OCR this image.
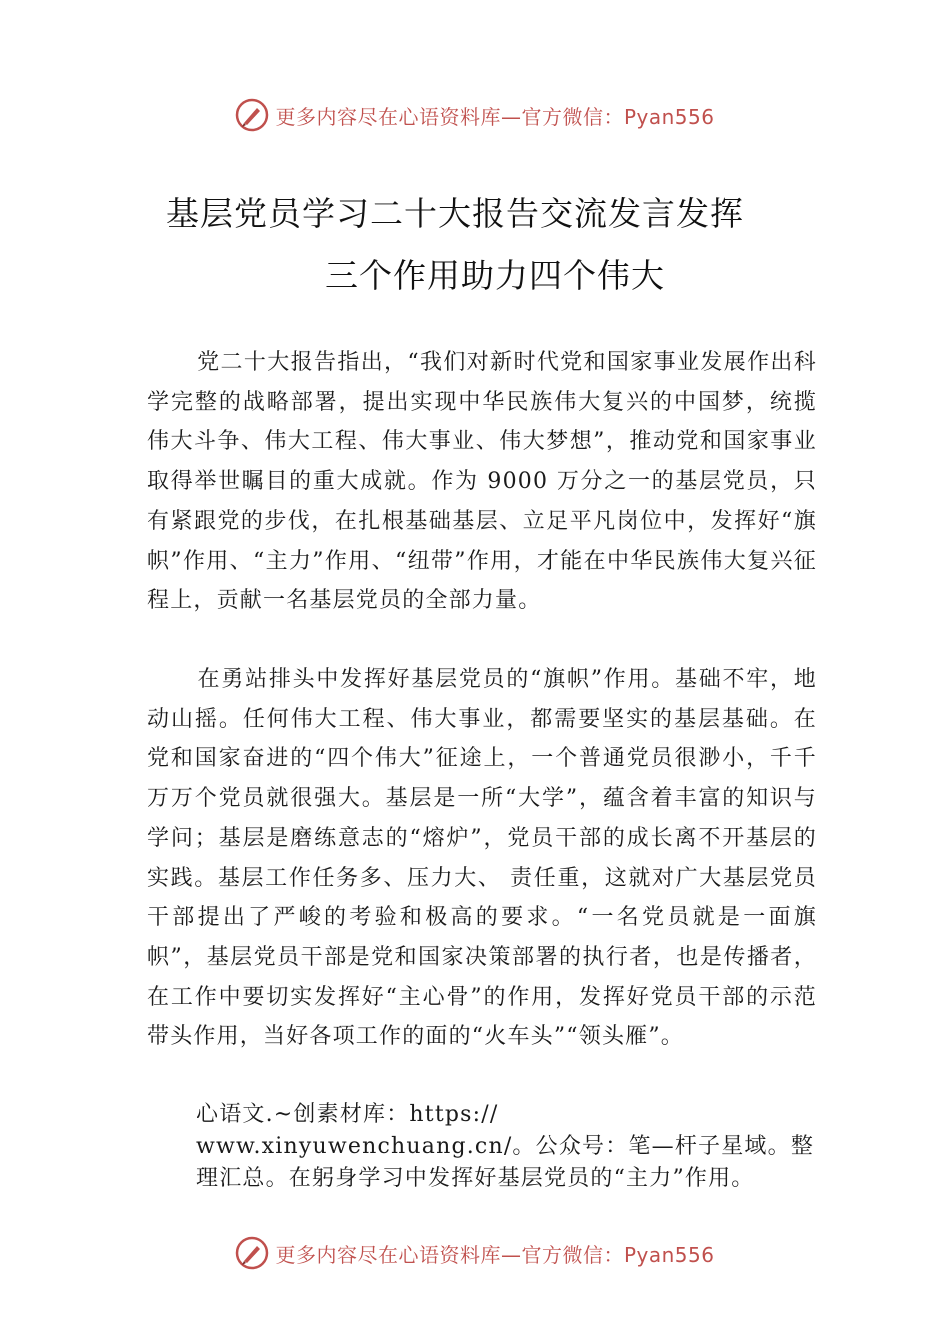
更多内容尽在心语资料库—官方微信：Pyan556
基层党员学习二十大报告交流发言发挥
三个作用助力四个伟大
党二十大报告指出，“我们对新时代党和国家事业发展作出科学完整的战略部署，提出实现中华民族伟大复兴的中国梦，统揽伟大斗争、伟大工程、伟大事业、伟大梦想”，推动党和国家事业取得举世瞩目的重大成就。作为 9000 万分之一的基层党员，只有紧跟党的步伐，在扎根基础基层、立足平凡岗位中，发挥好“旗帜”作用、“主力”作用、“纽带”作用，才能在中华民族伟大复兴征程上，贡献一名基层党员的全部力量。
在勇站排头中发挥好基层党员的“旗帜”作用。基础不牢，地动山摇。任何伟大工程、伟大事业，都需要坚实的基层基础。在党和国家奋进的“四个伟大”征途上，一个普通党员很渺小，千千万万个党员就很强大。基层是一所“大学”，蕴含着丰富的知识与学问；基层是磨练意志的“熔炉”，党员干部的成长离不开基层的实践。基层工作任务多、压力大、 责任重，这就对广大基层党员干部提出了严峻的考验和极高的要求。“一名党员就是一面旗帜”，基层党员干部是党和国家决策部署的执行者，也是传播者，在工作中要切实发挥好“主心骨”的作用，发挥好党员干部的示范带头作用，当好各项工作的面的“火车头”“领头雁”。
心语文.~创素材库：https://
www.xinyuwenchuang.cn/。公众号：笔—杆子星域。整
理汇总。在躬身学习中发挥好基层党员的“主力”作用。
更多内容尽在心语资料库—官方微信：Pyan556
